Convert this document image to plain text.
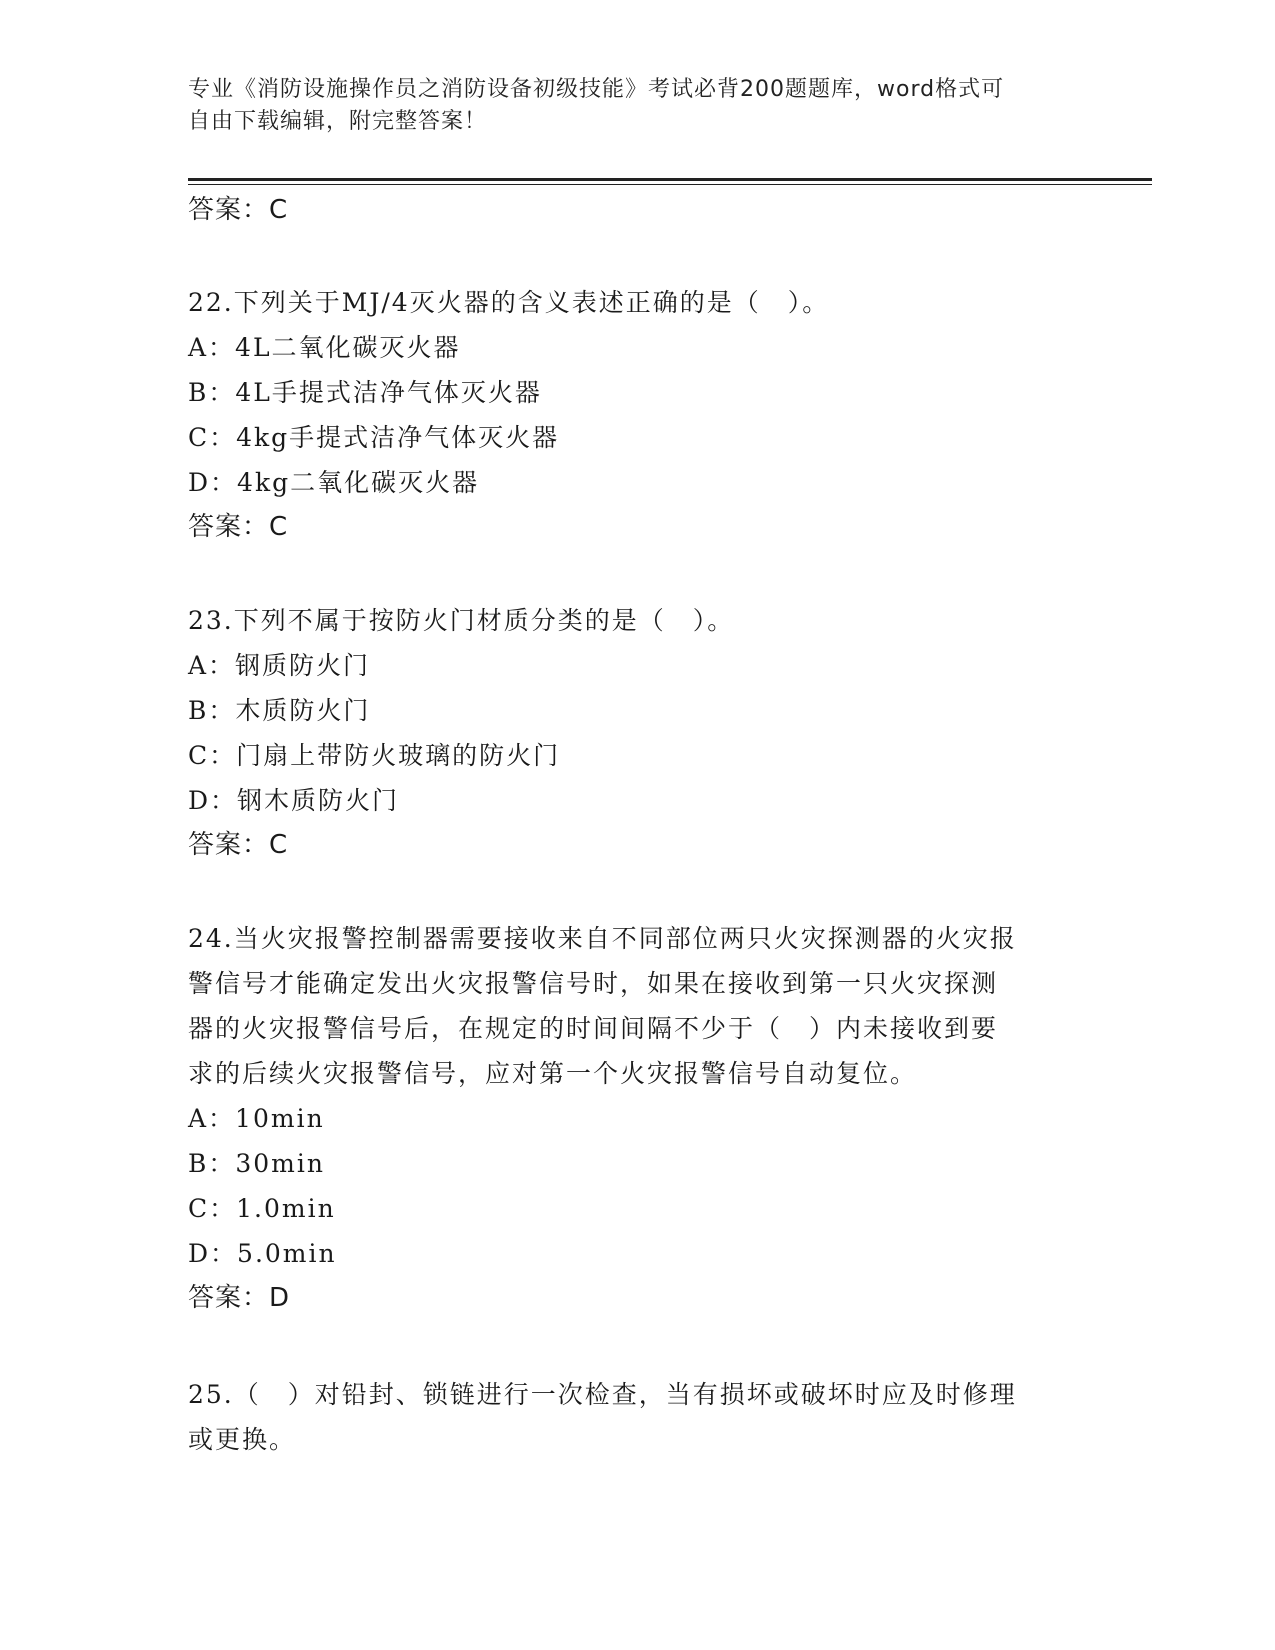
专业《消防设施操作员之消防设备初级技能》考试必背200题题库，word格式可
自由下载编辑，附完整答案！
答案：C
22.下列关于MJ/4灭火器的含义表述正确的是（　）。
A：4L二氧化碳灭火器
B：4L手提式洁净气体灭火器
C：4kg手提式洁净气体灭火器
D：4kg二氧化碳灭火器
答案：C
23.下列不属于按防火门材质分类的是（　）。
A：钢质防火门
B：木质防火门
C：门扇上带防火玻璃的防火门
D：钢木质防火门
答案：C
24.当火灾报警控制器需要接收来自不同部位两只火灾探测器的火灾报
警信号才能确定发出火灾报警信号时，如果在接收到第一只火灾探测
器的火灾报警信号后，在规定的时间间隔不少于（　）内未接收到要
求的后续火灾报警信号，应对第一个火灾报警信号自动复位。
A：10min
B：30min
C：1.0min
D：5.0min
答案：D
25.（　）对铅封、锁链进行一次检查，当有损坏或破坏时应及时修理
或更换。
